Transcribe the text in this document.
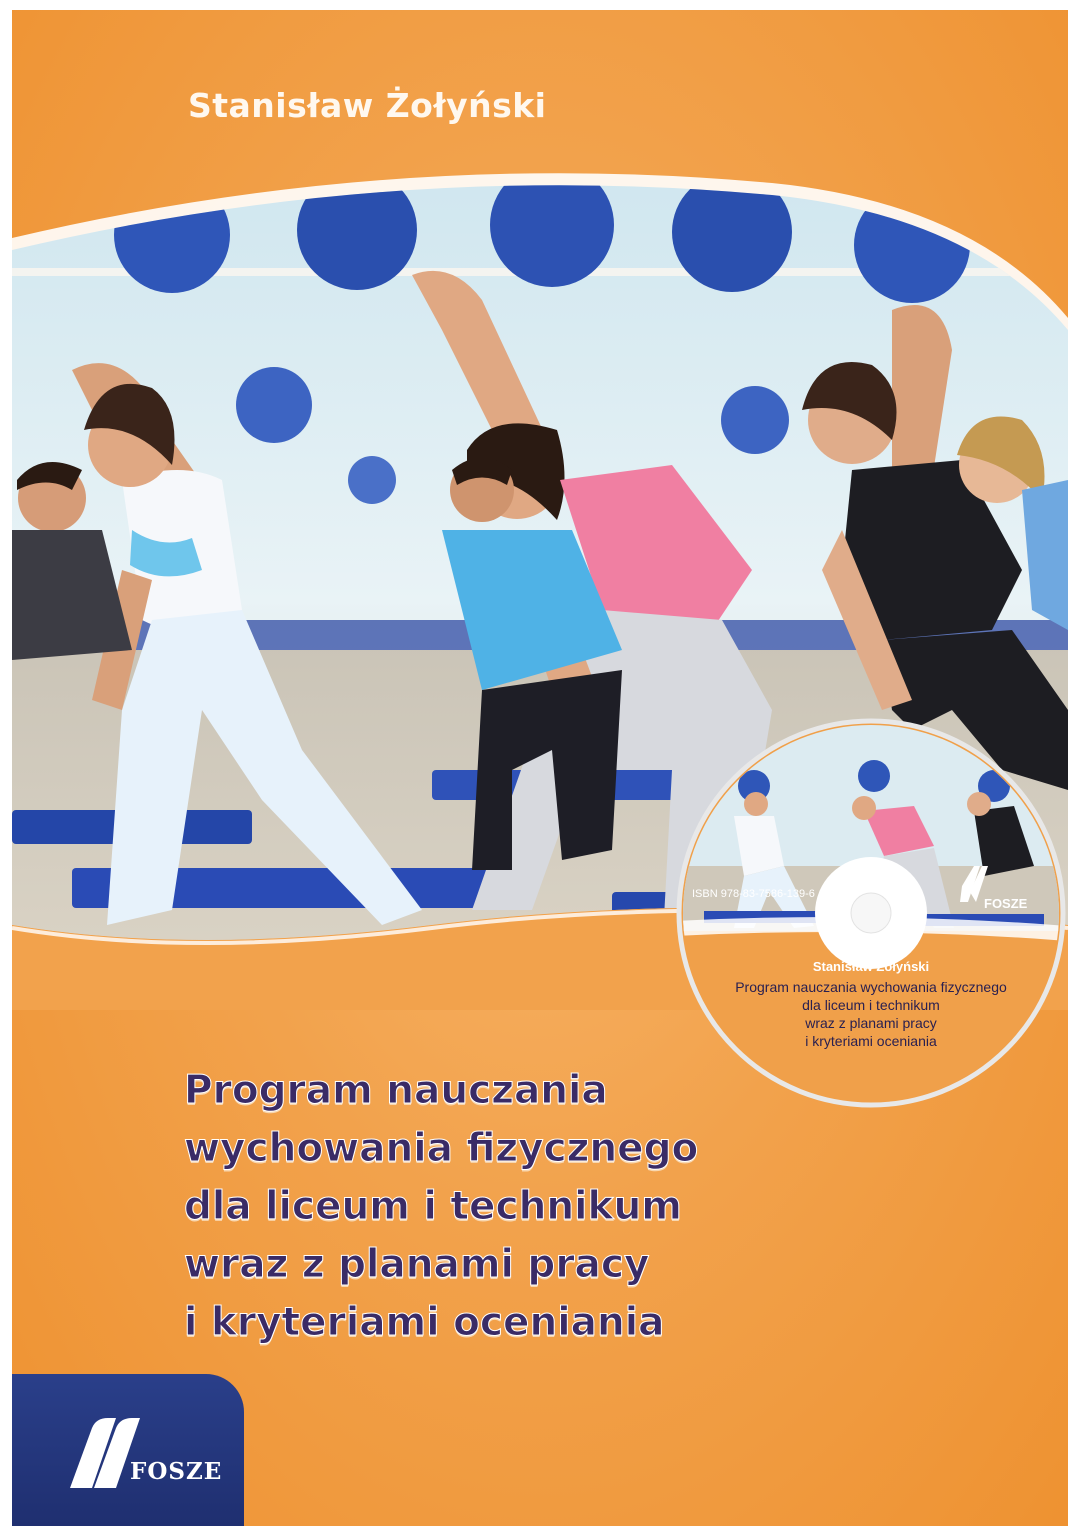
Stanisław Żołyński
Program nauczania
wychowania fizycznego
dla liceum i technikum
wraz z planami pracy
i kryteriami oceniania
ISBN 978-83-7586-139-6
FOSZE
Stanisław Żołyński
Program nauczania wychowania fizycznego
dla liceum i technikum
wraz z planami pracy
i kryteriami oceniania
FOSZE
